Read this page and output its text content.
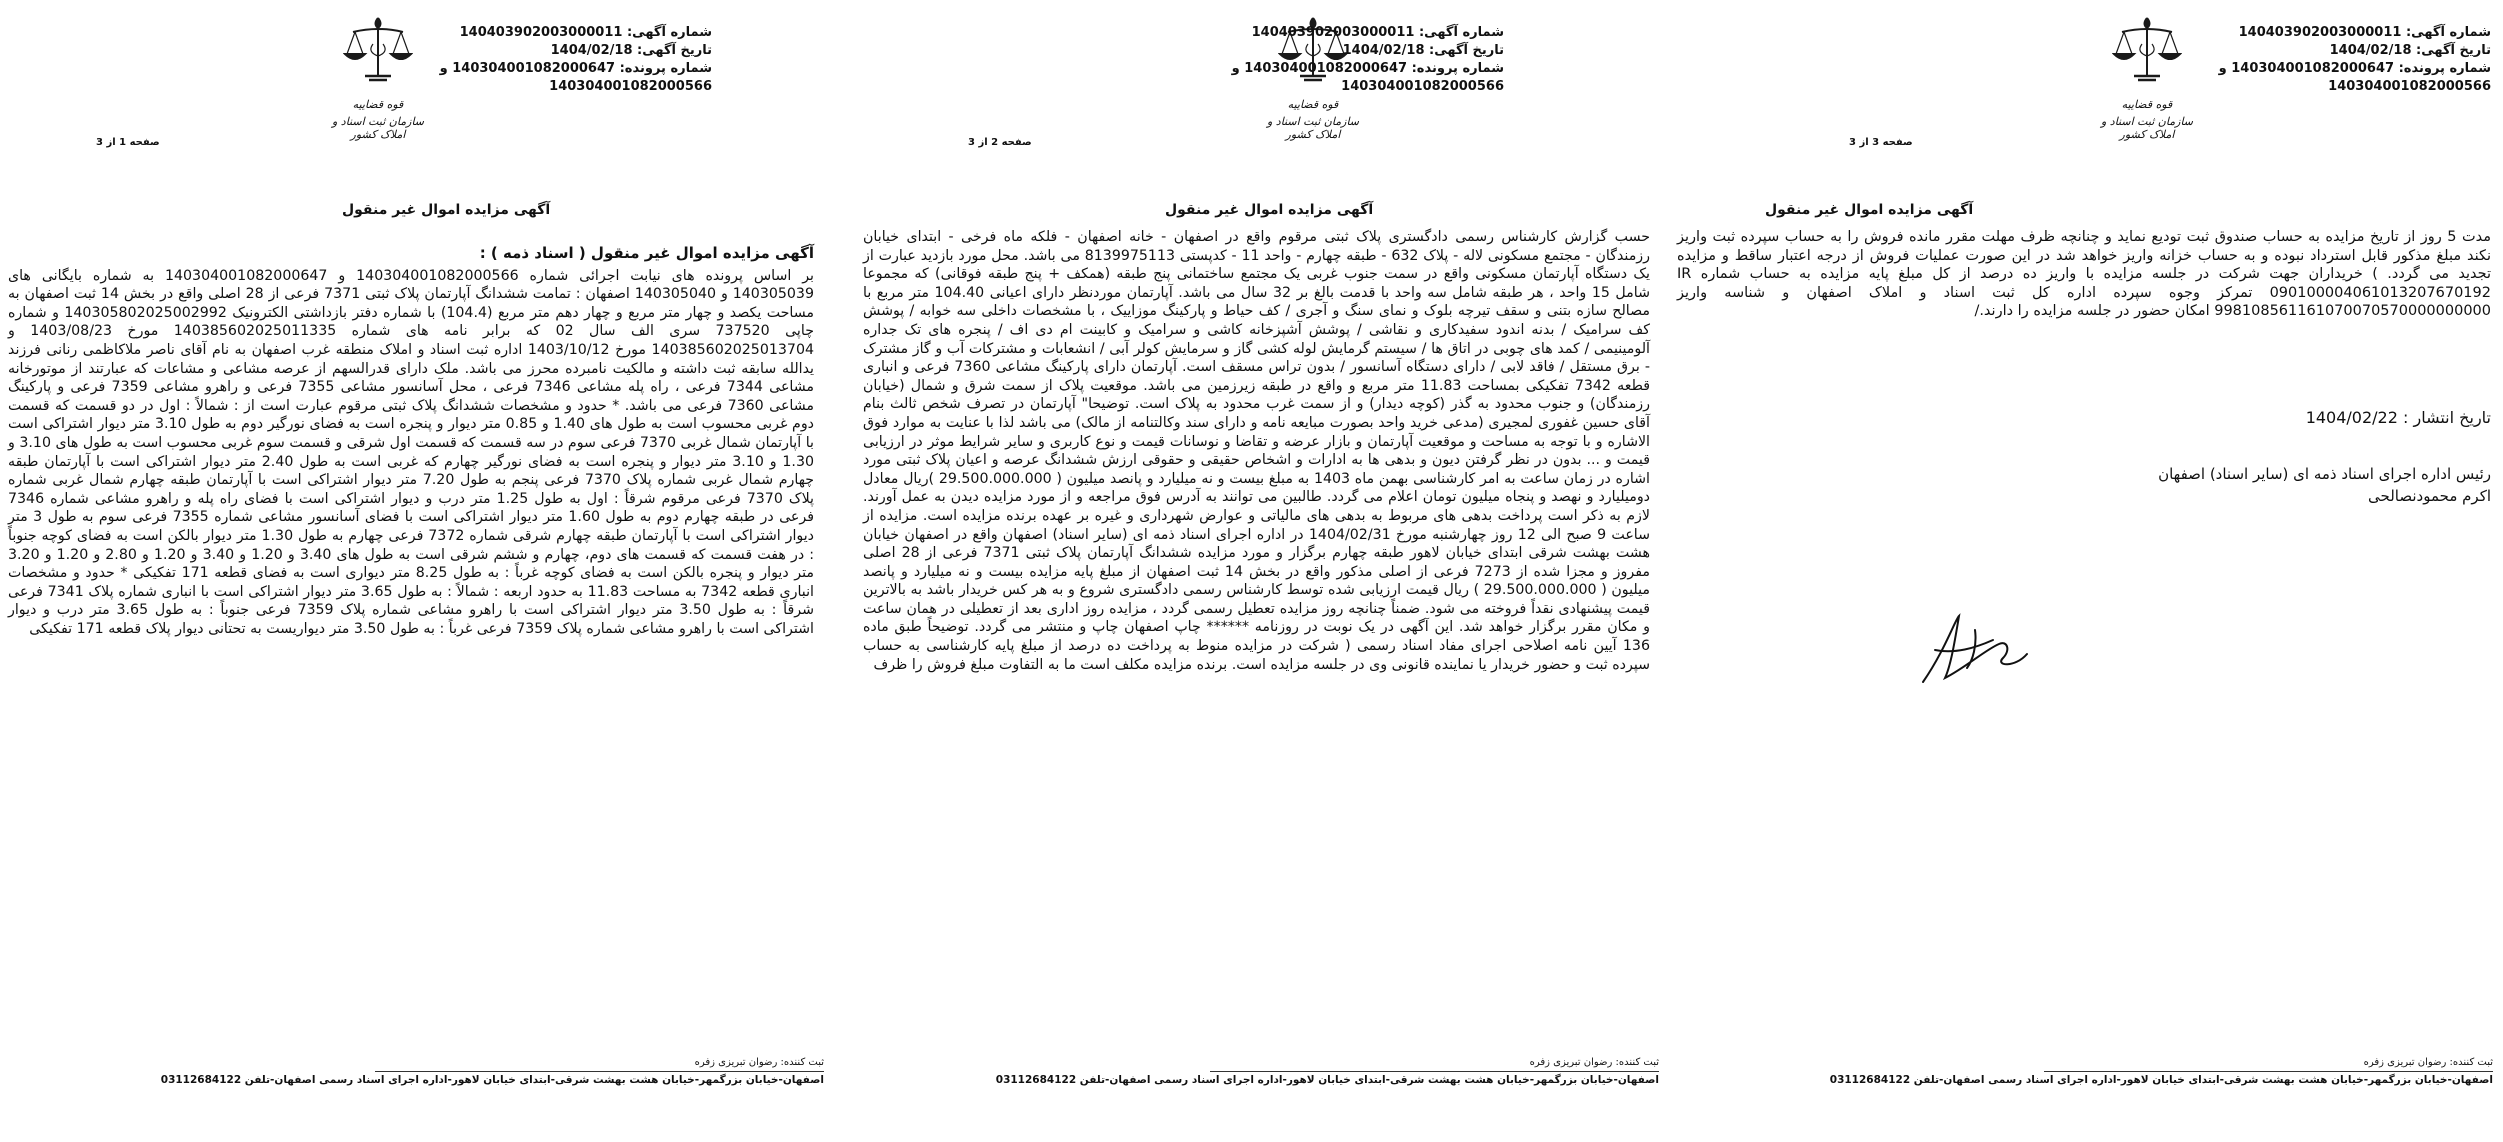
قوه قضاییه
سازمان ثبت اسناد و املاک کشور
شماره آگهی: 140403902003000011
تاریخ آگهی: 1404/02/18
شماره پرونده: 140304001082000647 و
140304001082000566
صفحه 3 از 3
آگهی مزایده اموال غیر منقول

مدت 5 روز از تاریخ مزایده به حساب صندوق ثبت تودیع نماید و چنانچه ظرف مهلت مقرر مانده فروش را به حساب سپرده ثبت واریز نکند مبلغ مذکور قابل استرداد نبوده و به حساب خزانه واریز خواهد شد در این صورت عملیات فروش از درجه اعتبار ساقط و مزایده تجدید می گردد. ) خریداران جهت شرکت در جلسه مزایده با واریز ده درصد از کل مبلغ پایه مزایده به حساب شماره IR 090100004061013207670192 تمرکز وجوه سپرده اداره کل ثبت اسناد و املاک اصفهان و شناسه واریز 998108561161070070570000000000 امکان حضور در جلسه مزایده را دارند./

تاریخ انتشار : 1404/02/22
رئیس اداره اجرای اسناد ذمه ای (سایر اسناد) اصفهان
اکرم محمودنصالحی
ثبت کننده: رضوان تبریزی زفره
اصفهان-خیابان بزرگمهر-خیابان هشت بهشت شرقی-ابتدای خیابان لاهور-اداره اجرای اسناد رسمی اصفهان-تلفن 03112684122
قوه قضاییه
سازمان ثبت اسناد و املاک کشور
شماره آگهی: 140403902003000011
تاریخ آگهی: 1404/02/18
شماره پرونده: 140304001082000647 و
140304001082000566
صفحه 2 از 3
آگهی مزایده اموال غیر منقول

حسب گزارش کارشناس رسمی دادگستری پلاک ثبتی مرقوم واقع در اصفهان - خانه اصفهان - فلکه ماه فرخی - ابتدای خیابان رزمندگان - مجتمع مسکونی لاله - پلاک 632 - طبقه چهارم - واحد 11 - کدپستی 8139975113 می باشد. محل مورد بازدید عبارت از یک دستگاه آپارتمان مسکونی واقع در سمت جنوب غربی یک مجتمع ساختمانی پنج طبقه (همکف + پنج طبقه فوقانی) که مجموعا شامل 15 واحد ، هر طبقه شامل سه واحد با قدمت بالغ بر 32 سال می باشد. آپارتمان موردنظر دارای اعیانی 104.40 متر مربع با مصالح سازه بتنی و سقف تیرچه بلوک و نمای سنگ و آجری / کف حیاط و پارکینگ موزاییک ، با مشخصات داخلی سه خوابه / پوشش کف سرامیک / بدنه اندود سفیدکاری و نقاشی / پوشش آشپزخانه کاشی و سرامیک و کابینت ام دی اف / پنجره های تک جداره آلومینیمی / کمد های چوبی در اتاق ها / سیستم گرمایش لوله کشی گاز و سرمایش کولر آبی / انشعابات و مشترکات آب و گاز مشترک - برق مستقل / فاقد لابی / دارای دستگاه آسانسور / بدون تراس مسقف است. آپارتمان دارای پارکینگ مشاعی 7360 فرعی و انباری قطعه 7342 تفکیکی بمساحت 11.83 متر مربع و واقع در طبقه زیرزمین می باشد. موقعیت پلاک از سمت شرق و شمال (خیابان رزمندگان) و جنوب محدود به گذر (کوچه دیدار) و از سمت غرب محدود به پلاک است. توضیحا" آپارتمان در تصرف شخص ثالث بنام آقای حسین غفوری لمجیری (مدعی خرید واحد بصورت مبایعه نامه و دارای سند وکالتنامه از مالک) می باشد لذا با عنایت به موارد فوق الاشاره و با توجه به مساحت و موقعیت آپارتمان و بازار عرضه و تقاضا و نوسانات قیمت و نوع کاربری و سایر شرایط موثر در ارزیابی قیمت و ... بدون در نظر گرفتن دیون و بدهی ها به ادارات و اشخاص حقیقی و حقوقی ارزش ششدانگ عرصه و اعیان پلاک ثبتی مورد اشاره در زمان ساعت به امر کارشناسی بهمن ماه 1403 به مبلغ بیست و نه میلیارد و پانصد میلیون ( 29.500.000.000 )ریال معادل دومیلیارد و نهصد و پنجاه میلیون تومان اعلام می گردد. طالبین می توانند به آدرس فوق مراجعه و از مورد مزایده دیدن به عمل آورند. لازم به ذکر است پرداخت بدهی های مربوط به بدهی های مالیاتی و عوارض شهرداری و غیره بر عهده برنده مزایده است. مزایده از ساعت 9 صبح الی 12 روز چهارشنبه مورخ 1404/02/31 در اداره اجرای اسناد ذمه ای (سایر اسناد) اصفهان واقع در اصفهان خیابان هشت بهشت شرقی ابتدای خیابان لاهور طبقه چهارم برگزار و مورد مزایده ششدانگ آپارتمان پلاک ثبتی 7371 فرعی از 28 اصلی مفروز و مجزا شده از 7273 فرعی از اصلی مذکور واقع در بخش 14 ثبت اصفهان از مبلغ پایه مزایده بیست و نه میلیارد و پانصد میلیون ( 29.500.000.000 ) ریال قیمت ارزیابی شده توسط کارشناس رسمی دادگستری شروع و به هر کس خریدار باشد به بالاترین قیمت پیشنهادی نقداً فروخته می شود. ضمناً چنانچه روز مزایده تعطیل رسمی گردد ، مزایده روز اداری بعد از تعطیلی در همان ساعت و مکان مقرر برگزار خواهد شد. این آگهی در یک نوبت در روزنامه ****** چاپ اصفهان چاپ و منتشر می گردد. توضیحاً طبق ماده 136 آیین نامه اصلاحی اجرای مفاد اسناد رسمی ( شرکت در مزایده منوط به پرداخت ده درصد از مبلغ پایه کارشناسی به حساب سپرده ثبت و حضور خریدار یا نماینده قانونی وی در جلسه مزایده است. برنده مزایده مکلف است ما به التفاوت مبلغ فروش را ظرف

ثبت کننده: رضوان تبریزی زفره
اصفهان-خیابان بزرگمهر-خیابان هشت بهشت شرقی-ابتدای خیابان لاهور-اداره اجرای اسناد رسمی اصفهان-تلفن 03112684122
قوه قضاییه
سازمان ثبت اسناد و املاک کشور
شماره آگهی: 140403902003000011
تاریخ آگهی: 1404/02/18
شماره پرونده: 140304001082000647 و
140304001082000566
صفحه 1 از 3
آگهی مزایده اموال غیر منقول
آگهی مزایده اموال غیر منقول ( اسناد ذمه ) :

بر اساس پرونده های نیابت اجرائی شماره 140304001082000566 و 140304001082000647 به شماره بایگانی های 140305039 و 140305040 اصفهان : تمامت ششدانگ آپارتمان پلاک ثبتی 7371 فرعی از 28 اصلی واقع در بخش 14 ثبت اصفهان به مساحت یکصد و چهار متر مربع و چهار دهم متر مربع (104.4) با شماره دفتر بازداشتی الکترونیک 140305802025002992 و شماره چاپی 737520 سری الف سال 02 که برابر نامه های شماره 140385602025011335 مورخ 1403/08/23 و 140385602025013704 مورخ 1403/10/12 اداره ثبت اسناد و املاک منطقه غرب اصفهان به نام آقای ناصر ملاکاظمی رنانی فرزند یدالله سابقه ثبت داشته و مالکیت نامبرده محرز می باشد. ملک دارای قدرالسهم از عرصه مشاعی و مشاعات که عبارتند از موتورخانه مشاعی 7344 فرعی ، راه پله مشاعی 7346 فرعی ، محل آسانسور مشاعی 7355 فرعی و راهرو مشاعی 7359 فرعی و پارکینگ مشاعی 7360 فرعی می باشد. * حدود و مشخصات ششدانگ پلاک ثبتی مرقوم عبارت است از : شمالاً : اول در دو قسمت که قسمت دوم غربی محسوب است به طول های 1.40 و 0.85 متر دیوار و پنجره است به فضای نورگیر دوم به طول 3.10 متر دیوار اشتراکی است با آپارتمان شمال غربی 7370 فرعی سوم در سه قسمت که قسمت اول شرقی و قسمت سوم غربی محسوب است به طول های 3.10 و 1.30 و 3.10 متر دیوار و پنجره است به فضای نورگیر چهارم که غربی است به طول 2.40 متر دیوار اشتراکی است با آپارتمان طبقه چهارم شمال غربی شماره پلاک 7370 فرعی پنجم به طول 7.20 متر دیوار اشتراکی است با آپارتمان طبقه چهارم شمال غربی شماره پلاک 7370 فرعی مرقوم شرقاً : اول به طول 1.25 متر درب و دیوار اشتراکی است با فضای راه پله و راهرو مشاعی شماره 7346 فرعی در طبقه چهارم دوم به طول 1.60 متر دیوار اشتراکی است با فضای آسانسور مشاعی شماره 7355 فرعی سوم به طول 3 متر دیوار اشتراکی است با آپارتمان طبقه چهارم شرقی شماره 7372 فرعی چهارم به طول 1.30 متر دیوار بالکن است به فضای کوچه جنوباً : در هفت قسمت که قسمت های دوم، چهارم و ششم شرقی است به طول های 3.40 و 1.20 و 3.40 و 1.20 و 2.80 و 1.20 و 3.20 متر دیوار و پنجره بالکن است به فضای کوچه غرباً : به طول 8.25 متر دیواری است به فضای قطعه 171 تفکیکی * حدود و مشخصات انباری قطعه 7342 به مساحت 11.83 به حدود اربعه : شمالاً : به طول 3.65 متر دیوار اشتراکی است با انباری شماره پلاک 7341 فرعی شرقاً : به طول 3.50 متر دیوار اشتراکی است با راهرو مشاعی شماره پلاک 7359 فرعی جنوباً : به طول 3.65 متر درب و دیوار اشتراکی است با راهرو مشاعی شماره پلاک 7359 فرعی غرباً : به طول 3.50 متر دیواریست به تحتانی دیوار پلاک قطعه 171 تفکیکی

ثبت کننده: رضوان تبریزی زفره
اصفهان-خیابان بزرگمهر-خیابان هشت بهشت شرقی-ابتدای خیابان لاهور-اداره اجرای اسناد رسمی اصفهان-تلفن 03112684122
